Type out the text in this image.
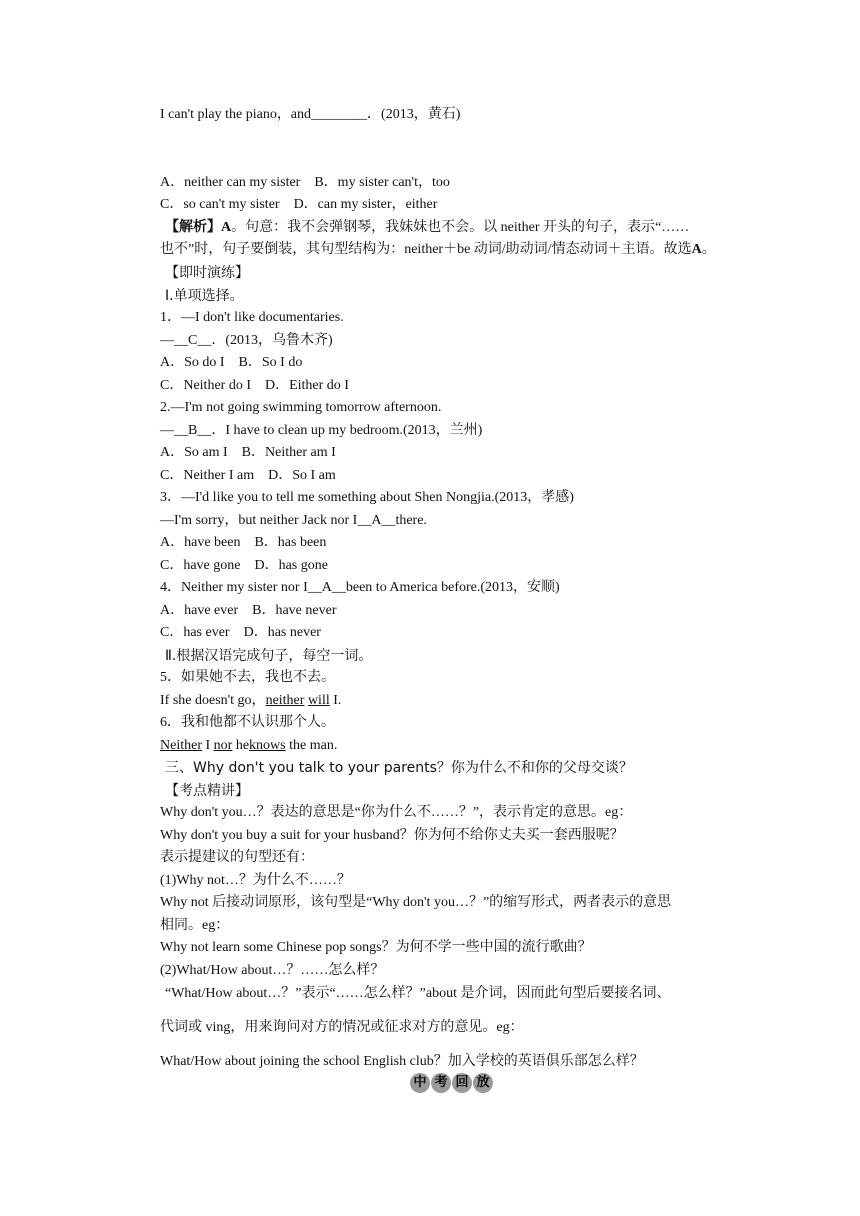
I can't play the piano，and________．(2013，黄石)
A．neither can my sister　B．my sister can't，too
C．so can't my sister　D．can my sister，either
【解析】A。句意：我不会弹钢琴，我妹妹也不会。以 neither 开头的句子，表示“……
也不”时，句子要倒装，其句型结构为：neither＋be 动词/助动词/情态动词＋主语。故选A。
【即时演练】
Ⅰ.单项选择。
1．—I don't like documentaries.
—__C__．(2013，乌鲁木齐)
A．So do I　B．So I do
C．Neither do I　D．Either do I
2.—I'm not going swimming tomorrow afternoon.
—__B__．I have to clean up my bedroom.(2013，兰州)
A．So am I　B．Neither am I
C．Neither I am　D．So I am
3．—I'd like you to tell me something about Shen Nongjia.(2013，孝感)
—I'm sorry，but neither Jack nor I__A__there.
A．have been　B．has been
C．have gone　D．has gone
4．Neither my sister nor I__A__been to America before.(2013，安顺)
A．have ever　B．have never
C．has ever　D．has never
Ⅱ.根据汉语完成句子，每空一词。
5．如果她不去，我也不去。
If she doesn't go，neither will I.
6．我和他都不认识那个人。
Neither I nor heknows the man.
三、Why don't you talk to your parents？你为什么不和你的父母交谈？
【考点精讲】
Why don't you…？表达的意思是“你为什么不……？”，表示肯定的意思。eg：
Why don't you buy a suit for your husband？你为何不给你丈夫买一套西服呢？
表示提建议的句型还有：
(1)Why not…？为什么不……？
Why not 后接动词原形，该句型是“Why don't you…？”的缩写形式，两者表示的意思
相同。eg：
Why not learn some Chinese pop songs？为何不学一些中国的流行歌曲？
(2)What/How about…？……怎么样？
“What/How about…？”表示“……怎么样？”about 是介词，因而此句型后要接名词、
代词或 ving，用来询问对方的情况或征求对方的意见。eg：
What/How about joining the school English club？加入学校的英语俱乐部怎么样？
中 考 回 放
